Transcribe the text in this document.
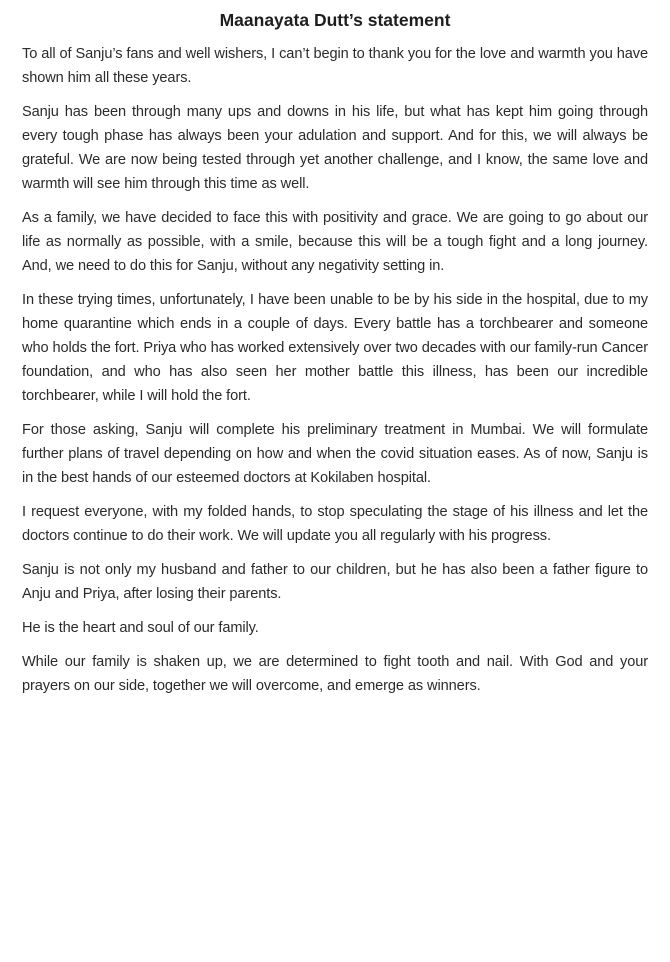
Maanayata Dutt’s statement

To all of Sanju’s fans and well wishers, I can’t begin to thank you for the love and warmth you have shown him all these years.

Sanju has been through many ups and downs in his life, but what has kept him going through every tough phase has always been your adulation and support. And for this, we will always be grateful. We are now being tested through yet another challenge, and I know, the same love and warmth will see him through this time as well.

As a family, we have decided to face this with positivity and grace. We are going to go about our life as normally as possible, with a smile, because this will be a tough fight and a long journey. And, we need to do this for Sanju, without any negativity setting in.

In these trying times, unfortunately, I have been unable to be by his side in the hospital, due to my home quarantine which ends in a couple of days. Every battle has a torchbearer and someone who holds the fort. Priya who has worked extensively over two decades with our family-run Cancer foundation, and who has also seen her mother battle this illness, has been our incredible torchbearer, while I will hold the fort.

For those asking, Sanju will complete his preliminary treatment in Mumbai. We will formulate further plans of travel depending on how and when the covid situation eases. As of now, Sanju is in the best hands of our esteemed doctors at Kokilaben hospital.

I request everyone, with my folded hands, to stop speculating the stage of his illness and let the doctors continue to do their work. We will update you all regularly with his progress.

Sanju is not only my husband and father to our children, but he has also been a father figure to Anju and Priya, after losing their parents.

He is the heart and soul of our family.

While our family is shaken up, we are determined to fight tooth and nail. With God and your prayers on our side, together we will overcome, and emerge as winners.
